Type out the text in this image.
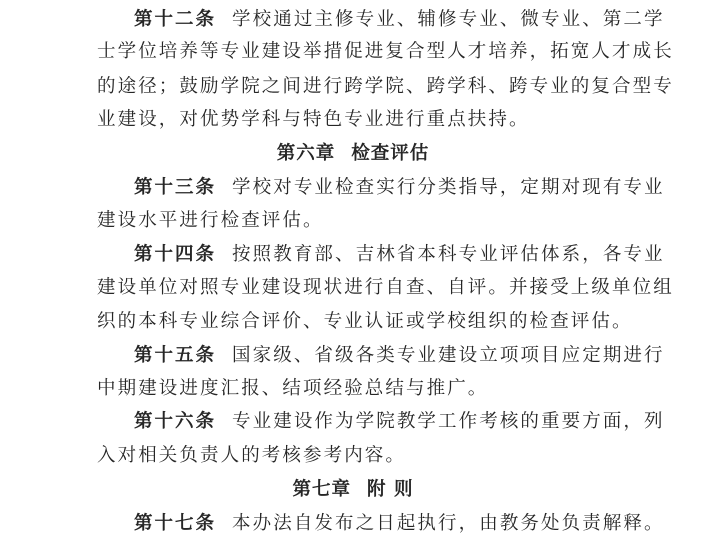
第十二条 学校通过主修专业、辅修专业、微专业、第二学
士学位培养等专业建设举措促进复合型人才培养，拓宽人才成长
的途径；鼓励学院之间进行跨学院、跨学科、跨专业的复合型专
业建设，对优势学科与特色专业进行重点扶持。
第六章 检查评估
第十三条 学校对专业检查实行分类指导，定期对现有专业
建设水平进行检查评估。
第十四条 按照教育部、吉林省本科专业评估体系，各专业
建设单位对照专业建设现状进行自查、自评。并接受上级单位组
织的本科专业综合评价、专业认证或学校组织的检查评估。
第十五条 国家级、省级各类专业建设立项项目应定期进行
中期建设进度汇报、结项经验总结与推广。
第十六条 专业建设作为学院教学工作考核的重要方面，列
入对相关负责人的考核参考内容。
第七章 附 则
第十七条 本办法自发布之日起执行，由教务处负责解释。
